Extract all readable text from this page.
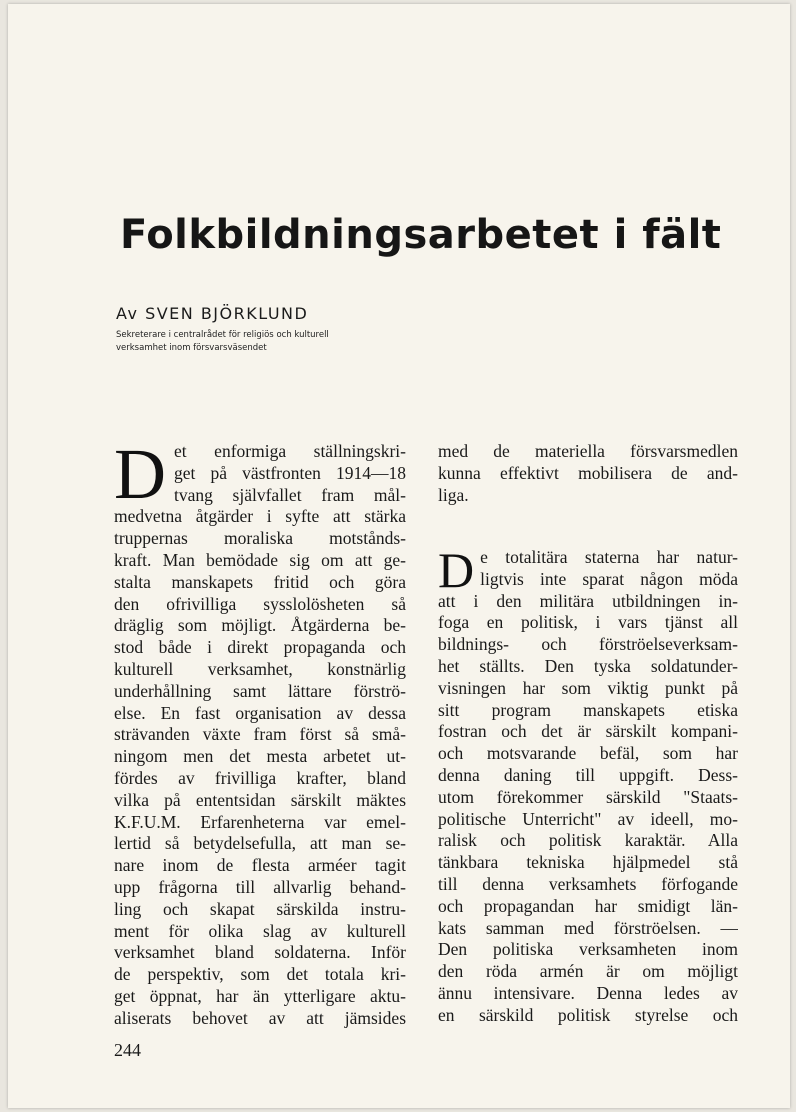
Folkbildningsarbetet i fält
Av SVEN BJÖRKLUND
Sekreterare i centralrådet för religiös och kulturell
verksamhet inom försvarsväsendet
D et enformiga ställningskri-
get på västfronten 1914—18
tvang självfallet fram mål-
medvetna åtgärder i syfte att stärka
truppernas moraliska motstånds-
kraft. Man bemödade sig om att ge-
stalta manskapets fritid och göra
den ofrivilliga sysslolösheten så
dräglig som möjligt. Åtgärderna be-
stod både i direkt propaganda och
kulturell verksamhet, konstnärlig
underhållning samt lättare förströ-
else. En fast organisation av dessa
strävanden växte fram först så små-
ningom men det mesta arbetet ut-
fördes av frivilliga krafter, bland
vilka på ententsidan särskilt mäktes
K.F.U.M. Erfarenheterna var emel-
lertid så betydelsefulla, att man se-
nare inom de flesta arméer tagit
upp frågorna till allvarlig behand-
ling och skapat särskilda instru-
ment för olika slag av kulturell
verksamhet bland soldaterna. Inför
de perspektiv, som det totala kri-
get öppnat, har än ytterligare aktu-
aliserats behovet av att jämsides
med de materiella försvarsmedlen
kunna effektivt mobilisera de and-
liga.
D e totalitära staterna har natur-
ligtvis inte sparat någon möda
att i den militära utbildningen in-
foga en politisk, i vars tjänst all
bildnings- och förströelseverksam-
het ställts. Den tyska soldatunder-
visningen har som viktig punkt på
sitt program manskapets etiska
fostran och det är särskilt kompani-
och motsvarande befäl, som har
denna daning till uppgift. Dess-
utom förekommer särskild "Staats-
politische Unterricht" av ideell, mo-
ralisk och politisk karaktär. Alla
tänkbara tekniska hjälpmedel stå
till denna verksamhets förfogande
och propagandan har smidigt län-
kats samman med förströelsen. —
Den politiska verksamheten inom
den röda armén är om möjligt
ännu intensivare. Denna ledes av
en särskild politisk styrelse och
244
